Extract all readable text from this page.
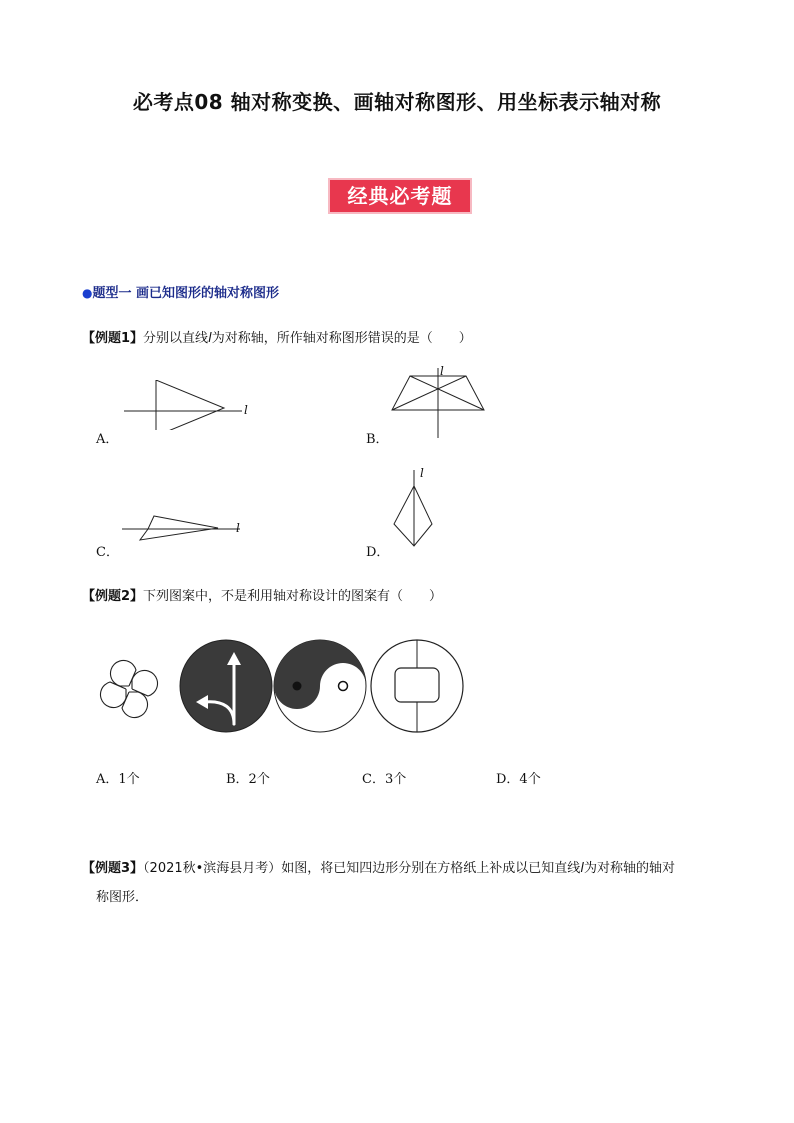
必考点08 轴对称变换、画轴对称图形、用坐标表示轴对称
经典必考题
●题型一 画已知图形的轴对称图形
【例题1】分别以直线l为对称轴，所作轴对称图形错误的是（　　）
l
A．
l
B．
l
C．
l
D．
【例题2】下列图案中，不是利用轴对称设计的图案有（　　）
A．1个	B．2个	C．3个	D．4个
【例题3】（2021秋•滨海县月考）如图，将已知四边形分别在方格纸上补成以已知直线l为对称轴的轴对
称图形．
